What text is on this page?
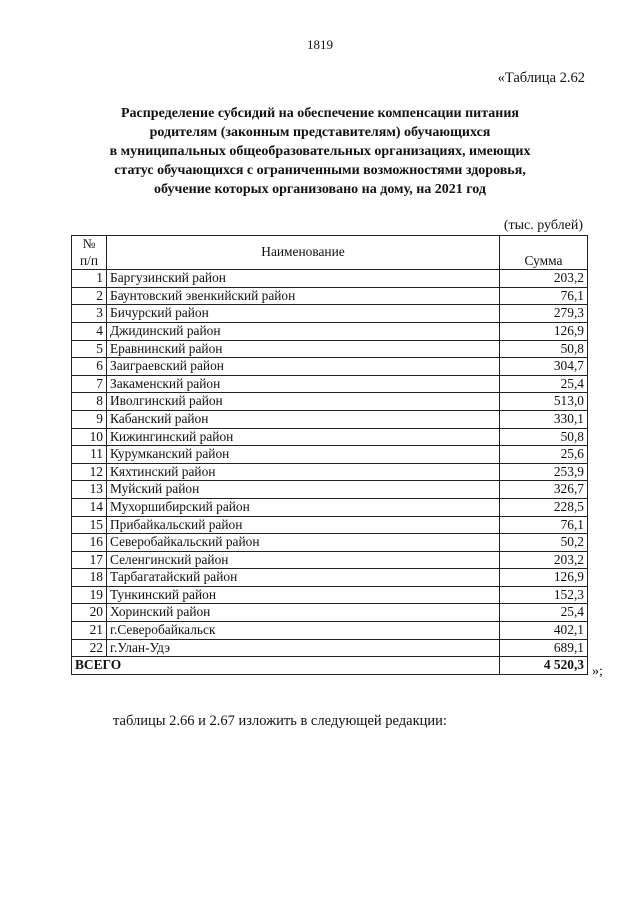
1819
«Таблица 2.62
Распределение субсидий на обеспечение компенсации питания
родителям (законным представителям) обучающихся
в муниципальных общеобразовательных организациях, имеющих
статус обучающихся с ограниченными возможностями здоровья,
обучение которых организовано на дому, на 2021 год
(тыс. рублей)
№
п/п	Наименование	Сумма
1	Баргузинский район	203,2
2	Баунтовский эвенкийский район	76,1
3	Бичурский район	279,3
4	Джидинский район	126,9
5	Еравнинский район	50,8
6	Заиграевский район	304,7
7	Закаменский район	25,4
8	Иволгинский район	513,0
9	Кабанский район	330,1
10	Кижингинский район	50,8
11	Курумканский район	25,6
12	Кяхтинский район	253,9
13	Муйский район	326,7
14	Мухоршибирский район	228,5
15	Прибайкальский район	76,1
16	Северобайкальский район	50,2
17	Селенгинский район	203,2
18	Тарбагатайский район	126,9
19	Тункинский район	152,3
20	Хоринский район	25,4
21	г.Северобайкальск	402,1
22	г.Улан-Удэ	689,1
ВСЕГО		4 520,3 »;
таблицы 2.66 и 2.67 изложить в следующей редакции:
